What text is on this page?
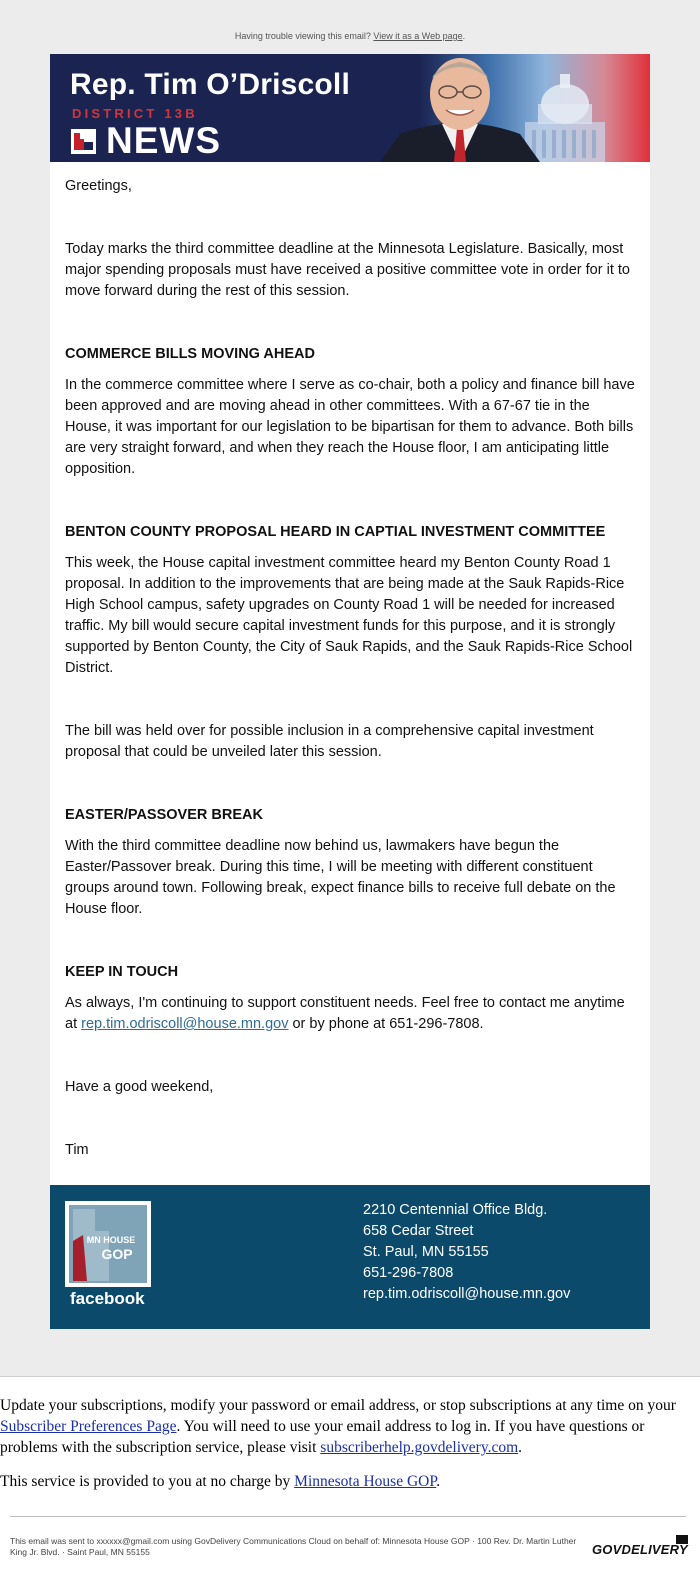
Having trouble viewing this email? View it as a Web page.
Rep. Tim O’Driscoll
DISTRICT 13B
NEWS

Greetings,

Today marks the third committee deadline at the Minnesota Legislature. Basically, most major spending proposals must have received a positive committee vote in order for it to move forward during the rest of this session.

COMMERCE BILLS MOVING AHEAD

In the commerce committee where I serve as co-chair, both a policy and finance bill have been approved and are moving ahead in other committees. With a 67-67 tie in the House, it was important for our legislation to be bipartisan for them to advance. Both bills are very straight forward, and when they reach the House floor, I am anticipating little opposition.

BENTON COUNTY PROPOSAL HEARD IN CAPTIAL INVESTMENT COMMITTEE

This week, the House capital investment committee heard my Benton County Road 1 proposal. In addition to the improvements that are being made at the Sauk Rapids-Rice High School campus, safety upgrades on County Road 1 will be needed for increased traffic. My bill would secure capital investment funds for this purpose, and it is strongly supported by Benton County, the City of Sauk Rapids, and the Sauk Rapids-Rice School District.

The bill was held over for possible inclusion in a comprehensive capital investment proposal that could be unveiled later this session.

EASTER/PASSOVER BREAK

With the third committee deadline now behind us, lawmakers have begun the Easter/Passover break. During this time, I will be meeting with different constituent groups around town. Following break, expect finance bills to receive full debate on the House floor.

KEEP IN TOUCH

As always, I'm continuing to support constituent needs. Feel free to contact me anytime at rep.tim.odriscoll@house.mn.gov or by phone at 651-296-7808.

Have a good weekend,

Tim

MN HOUSE
GOP
facebook
2210 Centennial Office Bldg.
658 Cedar Street
St. Paul, MN 55155
651-296-7808
rep.tim.odriscoll@house.mn.gov
Update your subscriptions, modify your password or email address, or stop subscriptions at any time on your Subscriber Preferences Page. You will need to use your email address to log in. If you have questions or problems with the subscription service, please visit subscriberhelp.govdelivery.com.
This service is provided to you at no charge by Minnesota House GOP.
This email was sent to xxxxxx@gmail.com using GovDelivery Communications Cloud on behalf of: Minnesota House GOP · 100 Rev. Dr. Martin Luther King Jr. Blvd. · Saint Paul, MN 55155	GOVDELIVERY
